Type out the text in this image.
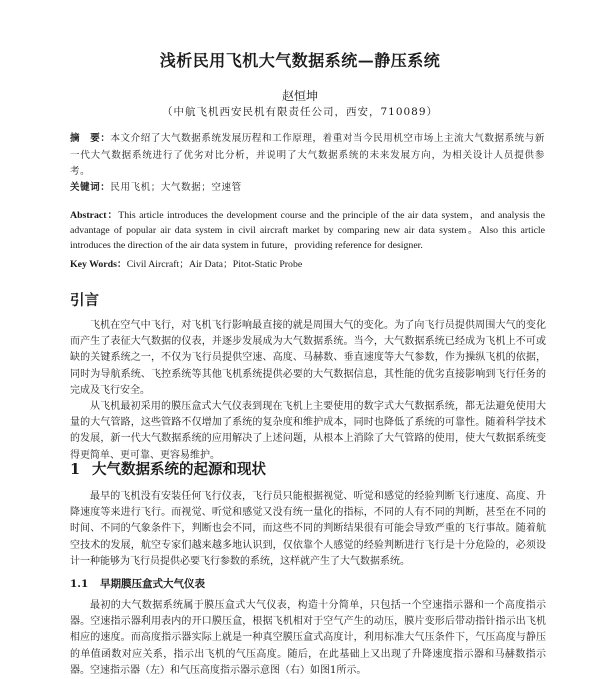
浅析民用飞机大气数据系统—静压系统
赵恒坤
（中航飞机西安民机有限责任公司，西安，710089）
摘　要：本文介绍了大气数据系统发展历程和工作原理，着重对当今民用机空市场上主流大气数据系统与新一代大气数据系统进行了优劣对比分析，并说明了大气数据系统的未来发展方向，为相关设计人员提供参考。
关键词：民用飞机；大气数据；空速管
Abstract：This article introduces the development course and the principle of the air data system，and analysis the advantage of popular air data system in civil aircraft market by comparing new air data system。Also this article introduces the direction of the air data system in future，providing reference for designer.
Key Words：Civil Aircraft；Air Data；Pitot-Static Probe
引言

飞机在空气中飞行，对飞机飞行影响最直接的就是周围大气的变化。为了向飞行员提供周围大气的变化而产生了表征大气数据的仪表，并逐步发展成为大气数据系统。当今，大气数据系统已经成为飞机上不可或缺的关键系统之一，不仅为飞行员提供空速、高度、马赫数、垂直速度等大气参数，作为操纵飞机的依据，同时为导航系统、飞控系统等其他飞机系统提供必要的大气数据信息，其性能的优劣直接影响到飞行任务的完成及飞行安全。

从飞机最初采用的膜压盒式大气仪表到现在飞机上主要使用的数字式大气数据系统，都无法避免使用大量的大气管路，这些管路不仅增加了系统的复杂度和维护成本，同时也降低了系统的可靠性。随着科学技术的发展，新一代大气数据系统的应用解决了上述问题，从根本上消除了大气管路的使用，使大气数据系统变得更简单、更可靠、更容易维护。

1 大气数据系统的起源和现状

最早的飞机没有安装任何飞行仪表，飞行员只能根据视觉、听觉和感觉的经验判断飞行速度、高度、升降速度等来进行飞行。而视觉、听觉和感觉又没有统一量化的指标，不同的人有不同的判断，甚至在不同的时间、不同的气象条件下，判断也会不同，而这些不同的判断结果很有可能会导致严重的飞行事故。随着航空技术的发展，航空专家们越来越多地认识到，仅依靠个人感觉的经验判断进行飞行是十分危险的，必须设计一种能够为飞行员提供必要飞行参数的系统，这样就产生了大气数据系统。

1.1 早期膜压盒式大气仪表

最初的大气数据系统属于膜压盒式大气仪表，构造十分简单，只包括一个空速指示器和一个高度指示器。空速指示器利用表内的开口膜压盒，根据飞机相对于空气产生的动压，膜片变形后带动指针指示出飞机相应的速度。而高度指示器实际上就是一种真空膜压盒式高度计，利用标准大气压条件下，气压高度与静压的单值函数对应关系，指示出飞机的气压高度。随后，在此基础上又出现了升降速度指示器和马赫数指示器。空速指示器（左）和气压高度指示器示意图（右）如图1所示。
